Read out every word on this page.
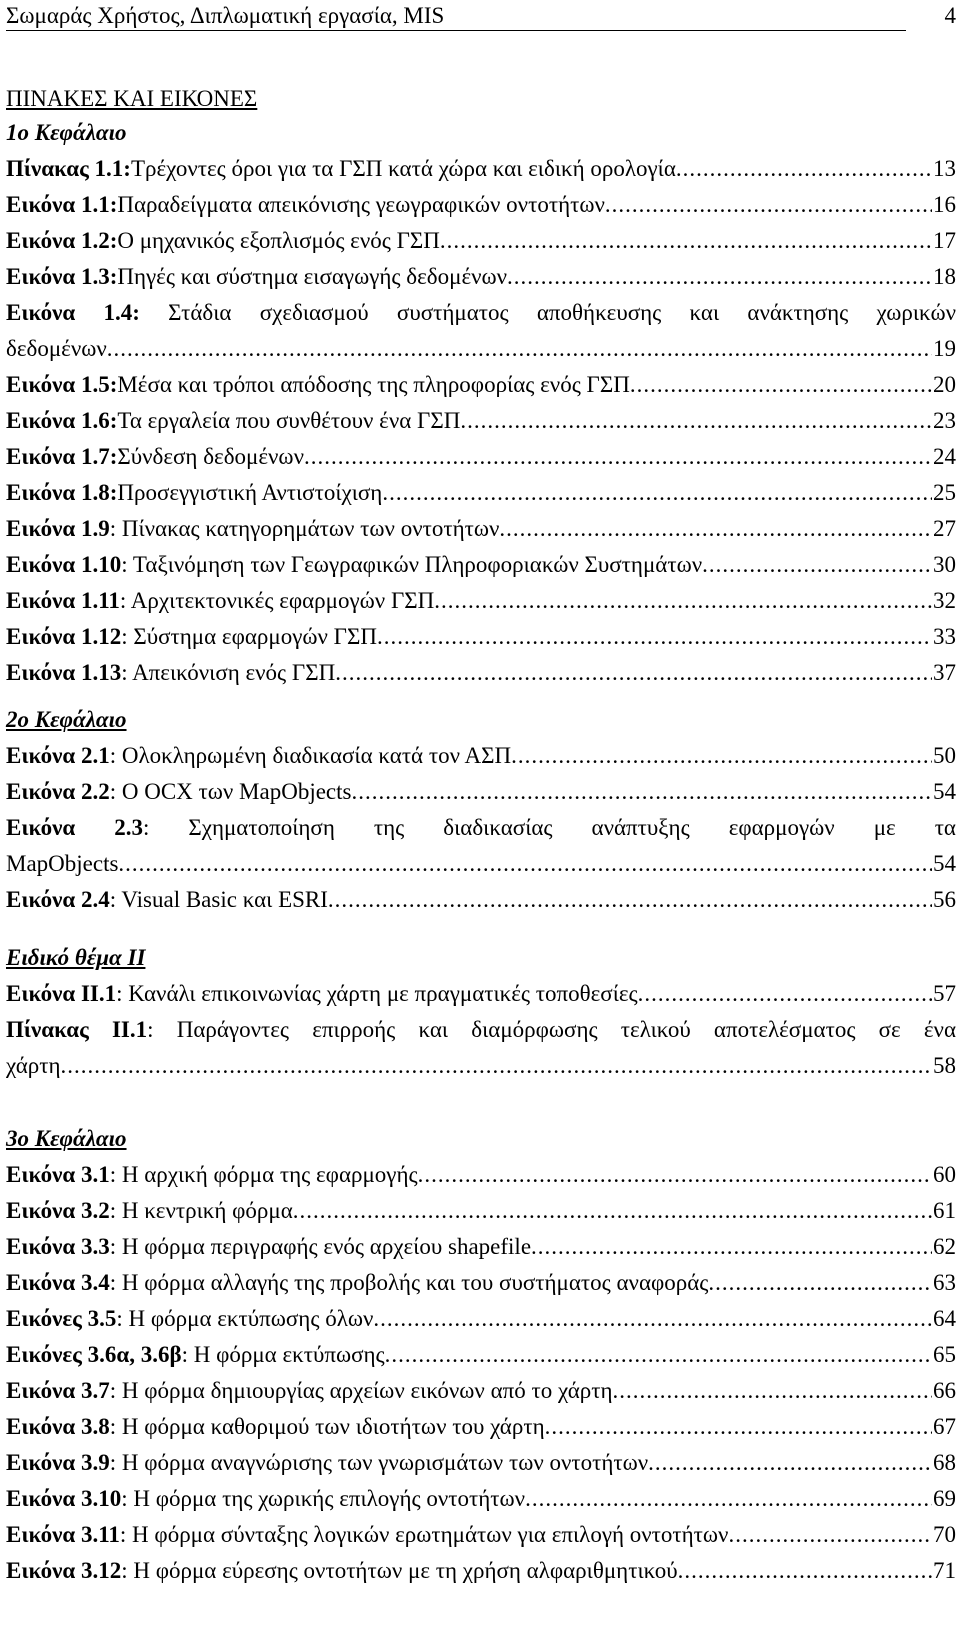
Σωμαράς Χρήστος, Διπλωματική εργασία, MIS	4
ΠΙΝΑΚΕΣ ΚΑΙ ΕΙΚΟΝΕΣ
1ο Κεφάλαιο
Πίνακας 1.1: Τρέχοντες όροι για τα ΓΣΠ κατά χώρα και ειδική ορολογία .....	13
Εικόνα 1.1: Παραδείγματα απεικόνισης γεωγραφικών οντοτήτων .....	16
Εικόνα 1.2: Ο μηχανικός εξοπλισμός ενός ΓΣΠ .....	17
Εικόνα 1.3: Πηγές και σύστημα εισαγωγής δεδομένων .....	18
Εικόνα 1.4: Στάδια σχεδιασμού συστήματος αποθήκευσης και ανάκτησης χωρικών
δεδομένων .....	19
Εικόνα 1.5: Μέσα και τρόποι απόδοσης της πληροφορίας ενός ΓΣΠ .....	20
Εικόνα 1.6: Τα εργαλεία που συνθέτουν ένα ΓΣΠ .....	23
Εικόνα 1.7: Σύνδεση δεδομένων .....	24
Εικόνα 1.8: Προσεγγιστική Αντιστοίχιση .....	25
Εικόνα 1.9 : Πίνακας κατηγορημάτων των οντοτήτων .....	27
Εικόνα 1.10 : Ταξινόμηση των Γεωγραφικών Πληροφοριακών Συστημάτων .....	30
Εικόνα 1.11 : Αρχιτεκτονικές εφαρμογών ΓΣΠ .....	32
Εικόνα 1.12 : Σύστημα εφαρμογών ΓΣΠ .....	33
Εικόνα 1.13 : Απεικόνιση ενός ΓΣΠ .....	37
2ο Κεφάλαιο
Εικόνα 2.1 : Ολοκληρωμένη διαδικασία κατά τον ΑΣΠ .....	50
Εικόνα 2.2 : Ο OCX των MapObjects .....	54
Εικόνα 2.3: Σχηματοποίηση της διαδικασίας ανάπτυξης εφαρμογών με τα
MapObjects .....	54
Εικόνα 2.4 : Visual Basic και ESRI .....	56
Ειδικό θέμα ΙΙ
Εικόνα ΙΙ.1 : Κανάλι επικοινωνίας χάρτη με πραγματικές τοποθεσίες .....	57
Πίνακας ΙΙ.1: Παράγοντες επιρροής και διαμόρφωσης τελικού αποτελέσματος σε ένα
χάρτη .....	58
3ο Κεφάλαιο
Εικόνα 3.1 : Η αρχική φόρμα της εφαρμογής .....	60
Εικόνα 3.2 : Η κεντρική φόρμα .....	61
Εικόνα 3.3 : Η φόρμα περιγραφής ενός αρχείου shapefile .....	62
Εικόνα 3.4 : Η φόρμα αλλαγής της προβολής και του συστήματος αναφοράς .....	63
Εικόνες 3.5 : Η φόρμα εκτύπωσης όλων .....	64
Εικόνες 3.6α, 3.6β : Η φόρμα εκτύπωσης .....	65
Εικόνα 3.7 : Η φόρμα δημιουργίας αρχείων εικόνων από το χάρτη .....	66
Εικόνα 3.8 : Η φόρμα καθοριμού των ιδιοτήτων του χάρτη .....	67
Εικόνα 3.9 : Η φόρμα αναγνώρισης των γνωρισμάτων των οντοτήτων .....	68
Εικόνα 3.10 : Η φόρμα της χωρικής επιλογής οντοτήτων .....	69
Εικόνα 3.11 : Η φόρμα σύνταξης λογικών ερωτημάτων για επιλογή οντοτήτων .....	70
Εικόνα 3.12 : Η φόρμα εύρεσης οντοτήτων με τη χρήση αλφαριθμητικού .....	71
